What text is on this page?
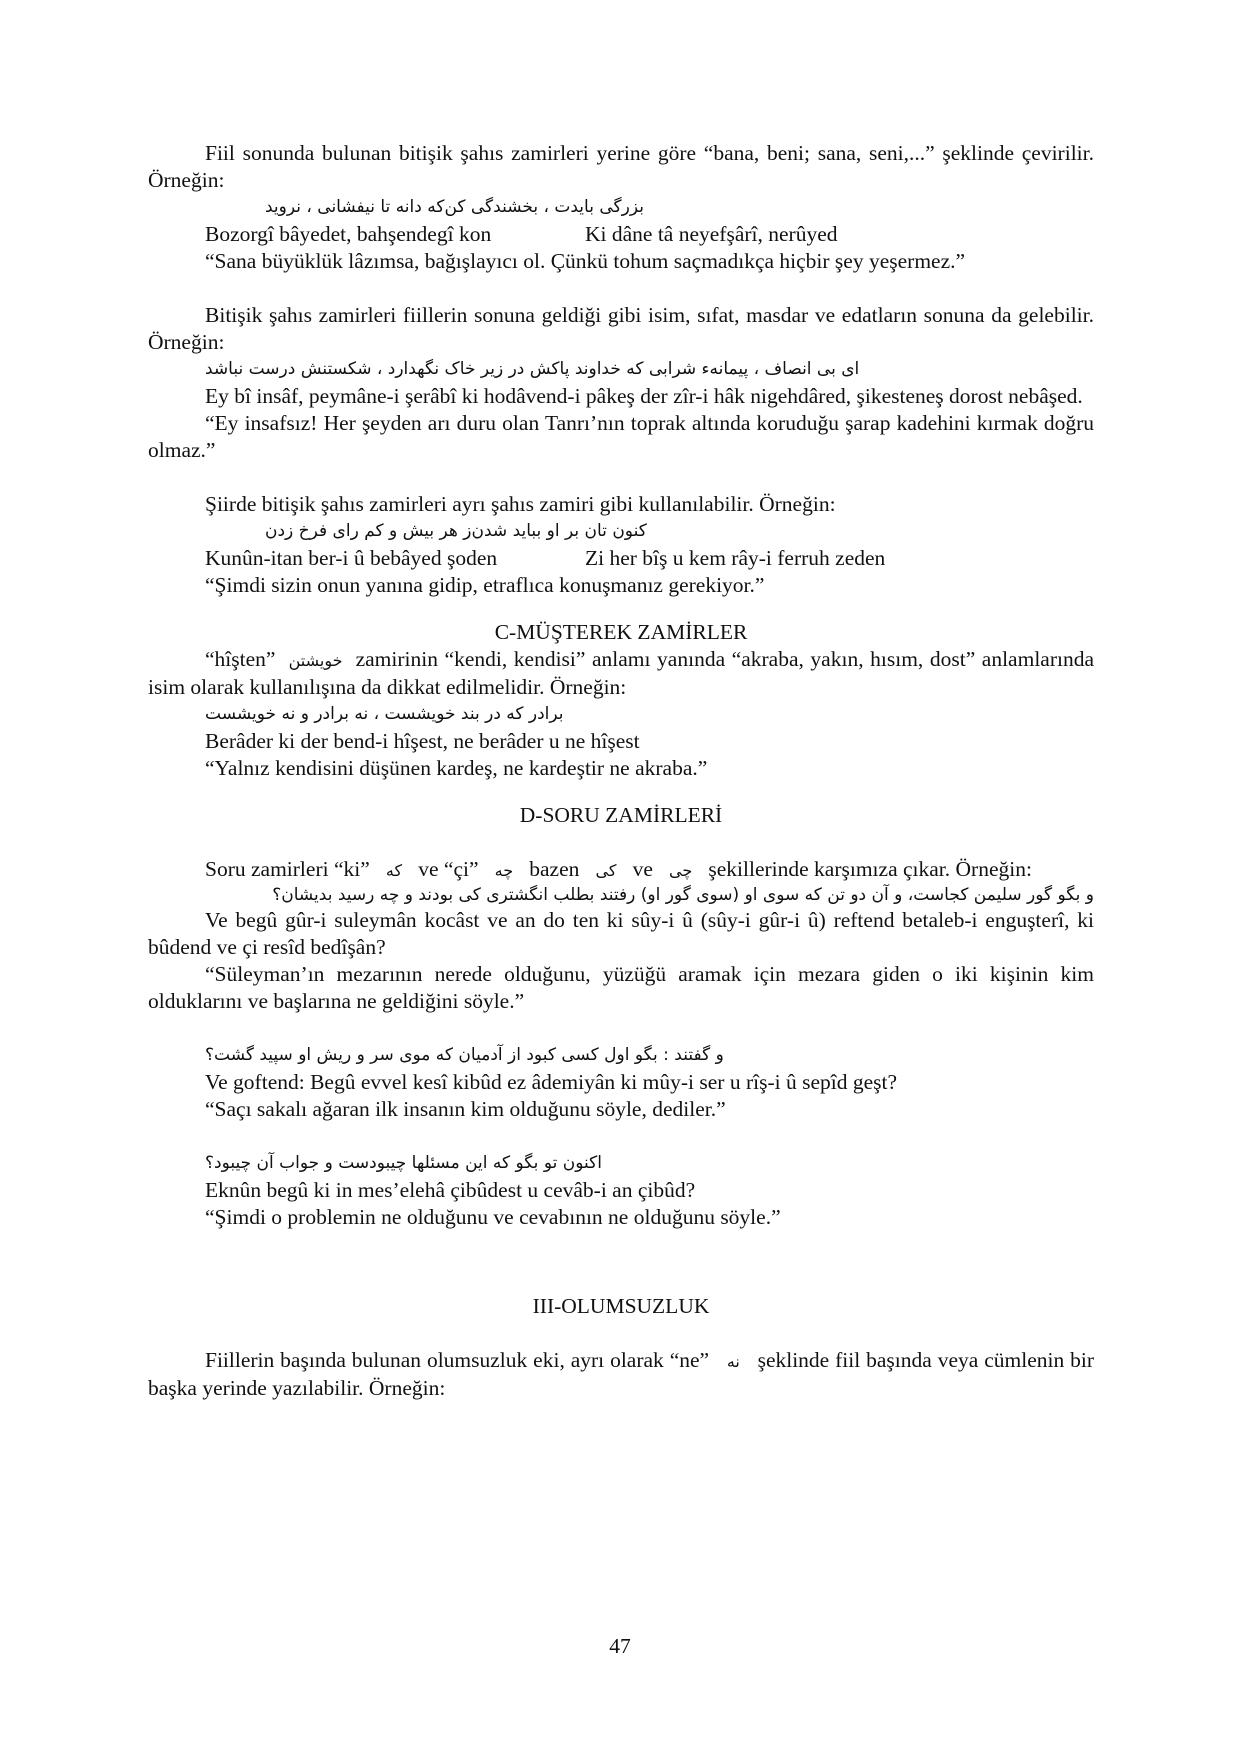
Fiil sonunda bulunan bitişik şahıs zamirleri yerine göre “bana, beni; sana, seni,...” şeklinde çevirilir. Örneğin:

بزرگی بایدت ، بخشندگی کن
که دانه تا نیفشانی ، نروید
Bozorgî bâyedet, bahşendegî kon	Ki dâne tâ neyefşârî, nerûyed

“Sana büyüklük lâzımsa, bağışlayıcı ol. Çünkü tohum saçmadıkça hiçbir şey yeşermez.”

Bitişik şahıs zamirleri fiillerin sonuna geldiği gibi isim, sıfat, masdar ve edatların sonuna da gelebilir. Örneğin:

ای بی انصاف ، پیمانهء شرابی که خداوند پاکش در زیر خاک نگهدارد ، شکستنش درست نباشد

Ey bî insâf, peymâne-i şerâbî ki hodâvend-i pâkeş der zîr-i hâk nigehdâred, şikesteneş dorost nebâşed.

“Ey insafsız! Her şeyden arı duru olan Tanrı’nın toprak altında koruduğu şarap kadehini kırmak doğru olmaz.”

Şiirde bitişik şahıs zamirleri ayrı şahıs zamiri gibi kullanılabilir. Örneğin:

کنون تان بر او بباید شدن
ز هر بیش و کم رای فرخ زدن
Kunûn-itan ber-i û bebâyed şoden	Zi her bîş u kem rây-i ferruh zeden

“Şimdi sizin onun yanına gidip, etraflıca konuşmanız gerekiyor.”

C-MÜŞTEREK ZAMİRLER

“hîşten” خویشتن zamirinin “kendi, kendisi” anlamı yanında “akraba, yakın, hısım, dost” anlamlarında isim olarak kullanılışına da dikkat edilmelidir. Örneğin:

برادر که در بند خویشست ، نه برادر و نه خویشست

Berâder ki der bend-i hîşest, ne berâder u ne hîşest

“Yalnız kendisini düşünen kardeş, ne kardeştir ne akraba.”

D-SORU ZAMİRLERİ

Soru zamirleri “ki” که ve “çi” چه bazen کی ve چی şekillerinde karşımıza çıkar. Örneğin:

و بگو گور سلیمن کجاست، و آن دو تن که سوی او (سوی گور او) رفتند بطلب انگشتری کی بودند و چه رسید بدیشان؟

Ve begû gûr-i suleymân kocâst ve an do ten ki sûy-i û (sûy-i gûr-i û) reftend betaleb-i enguşterî, ki bûdend ve çi resîd bedîşân?

“Süleyman’ın mezarının nerede olduğunu, yüzüğü aramak için mezara giden o iki kişinin kim olduklarını ve başlarına ne geldiğini söyle.”

و گفتند : بگو اول کسی کبود از آدمیان که موی سر و ریش او سپید گشت؟

Ve goftend: Begû evvel kesî kibûd ez âdemiyân ki mûy-i ser u rîş-i û sepîd geşt?

“Saçı sakalı ağaran ilk insanın kim olduğunu söyle, dediler.”

اکنون تو بگو که این مسئلها چیبودست و جواب آن چیبود؟

Eknûn begû ki in mes’elehâ çibûdest u cevâb-i an çibûd?

“Şimdi o problemin ne olduğunu ve cevabının ne olduğunu söyle.”

III-OLUMSUZLUK

Fiillerin başında bulunan olumsuzluk eki, ayrı olarak “ne” نه şeklinde fiil başında veya cümlenin bir başka yerinde yazılabilir. Örneğin:

47
